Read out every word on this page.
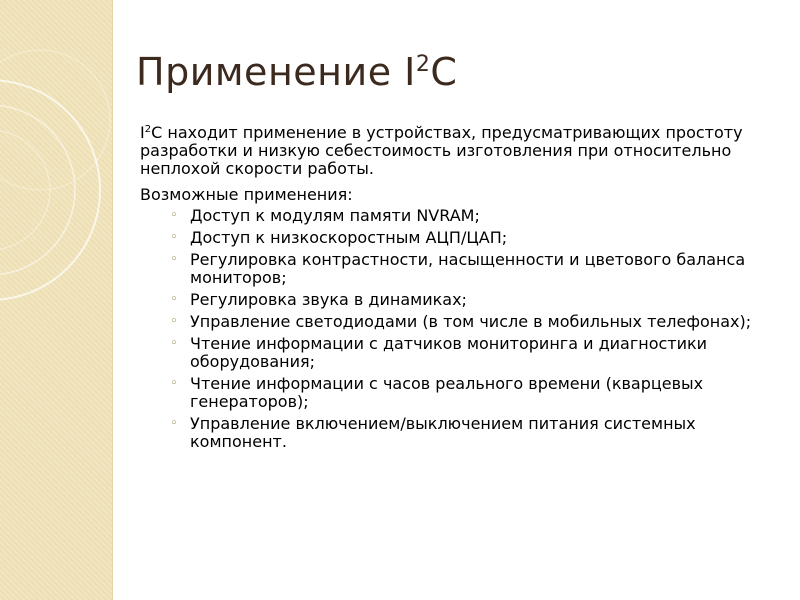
Применение $I^2C$

$I^2C$ находит применение в устройствах, предусматривающих простоту разработки и низкую себестоимость изготовления при относительно неплохой скорости работы.

Возможные применения:

◦ Доступ к модулям памяти NVRAM;
◦ Доступ к низкоскоростным АЦП/ЦАП;
◦ Регулировка контрастности, насыщенности и цветового баланса мониторов;
◦ Регулировка звука в динамиках;
◦ Управление светодиодами (в том числе в мобильных телефонах);
◦ Чтение информации с датчиков мониторинга и диагностики оборудования;
◦ Чтение информации с часов реального времени (кварцевых генераторов);
◦ Управление включением/выключением питания системных компонент.
